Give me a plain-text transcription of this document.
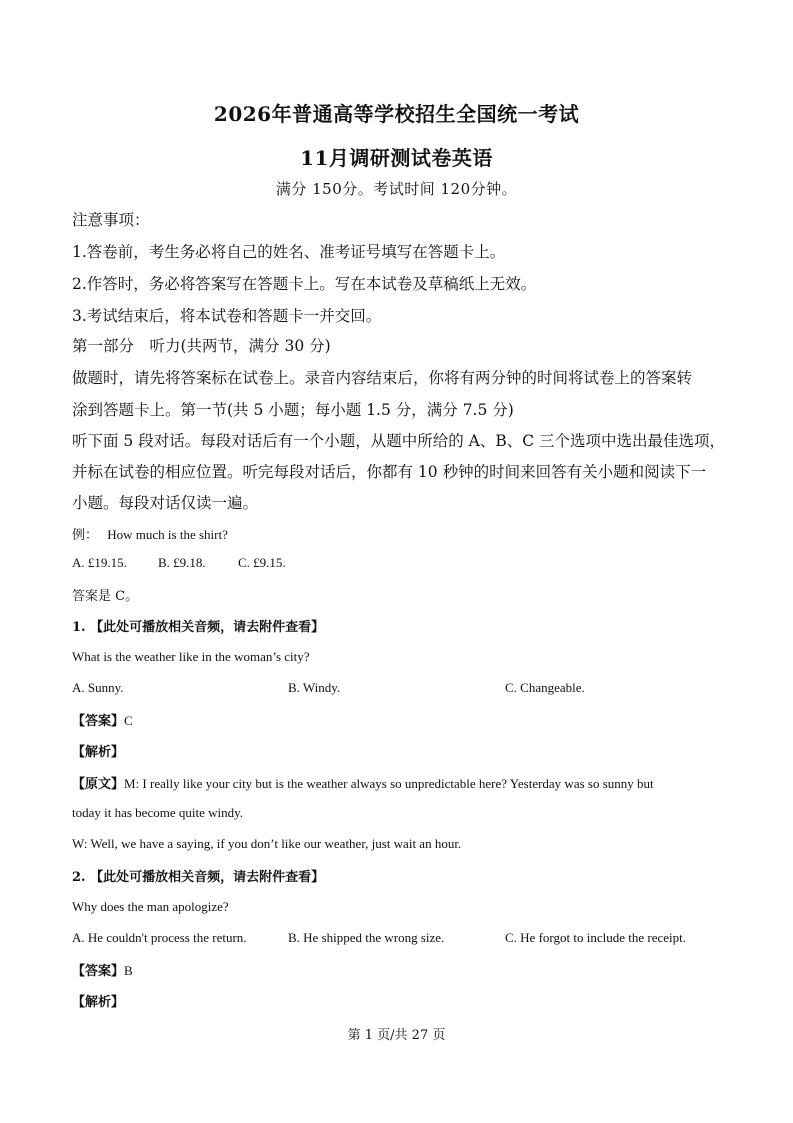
2026年普通高等学校招生全国统一考试
11月调研测试卷英语
满分 150分。考试时间 120分钟。
注意事项：
1.答卷前，考生务必将自己的姓名、准考证号填写在答题卡上。
2.作答时，务必将答案写在答题卡上。写在本试卷及草稿纸上无效。
3.考试结束后，将本试卷和答题卡一并交回。
第一部分　听力(共两节，满分 30 分)
做题时，请先将答案标在试卷上。录音内容结束后，你将有两分钟的时间将试卷上的答案转
涂到答题卡上。第一节(共 5 小题；每小题 1.5 分，满分 7.5 分)
听下面 5 段对话。每段对话后有一个小题，从题中所给的 A、B、C 三个选项中选出最佳选项，
并标在试卷的相应位置。听完每段对话后，你都有 10 秒钟的时间来回答有关小题和阅读下一
小题。每段对话仅读一遍。
例： How much is the shirt?
A. £19.15. B. £9.18. C. £9.15.
答案是 C。
1. 【此处可播放相关音频，请去附件查看】
What is the weather like in the woman’s city?
A. Sunny.	B. Windy.	C. Changeable.
【答案】C
【解析】
【原文】M: I really like your city but is the weather always so unpredictable here? Yesterday was so sunny but
today it has become quite windy.
W: Well, we have a saying, if you don’t like our weather, just wait an hour.
2. 【此处可播放相关音频，请去附件查看】
Why does the man apologize?
A. He couldn't process the return.	B. He shipped the wrong size.	C. He forgot to include the receipt.
【答案】B
【解析】
第 1 页/共 27 页
